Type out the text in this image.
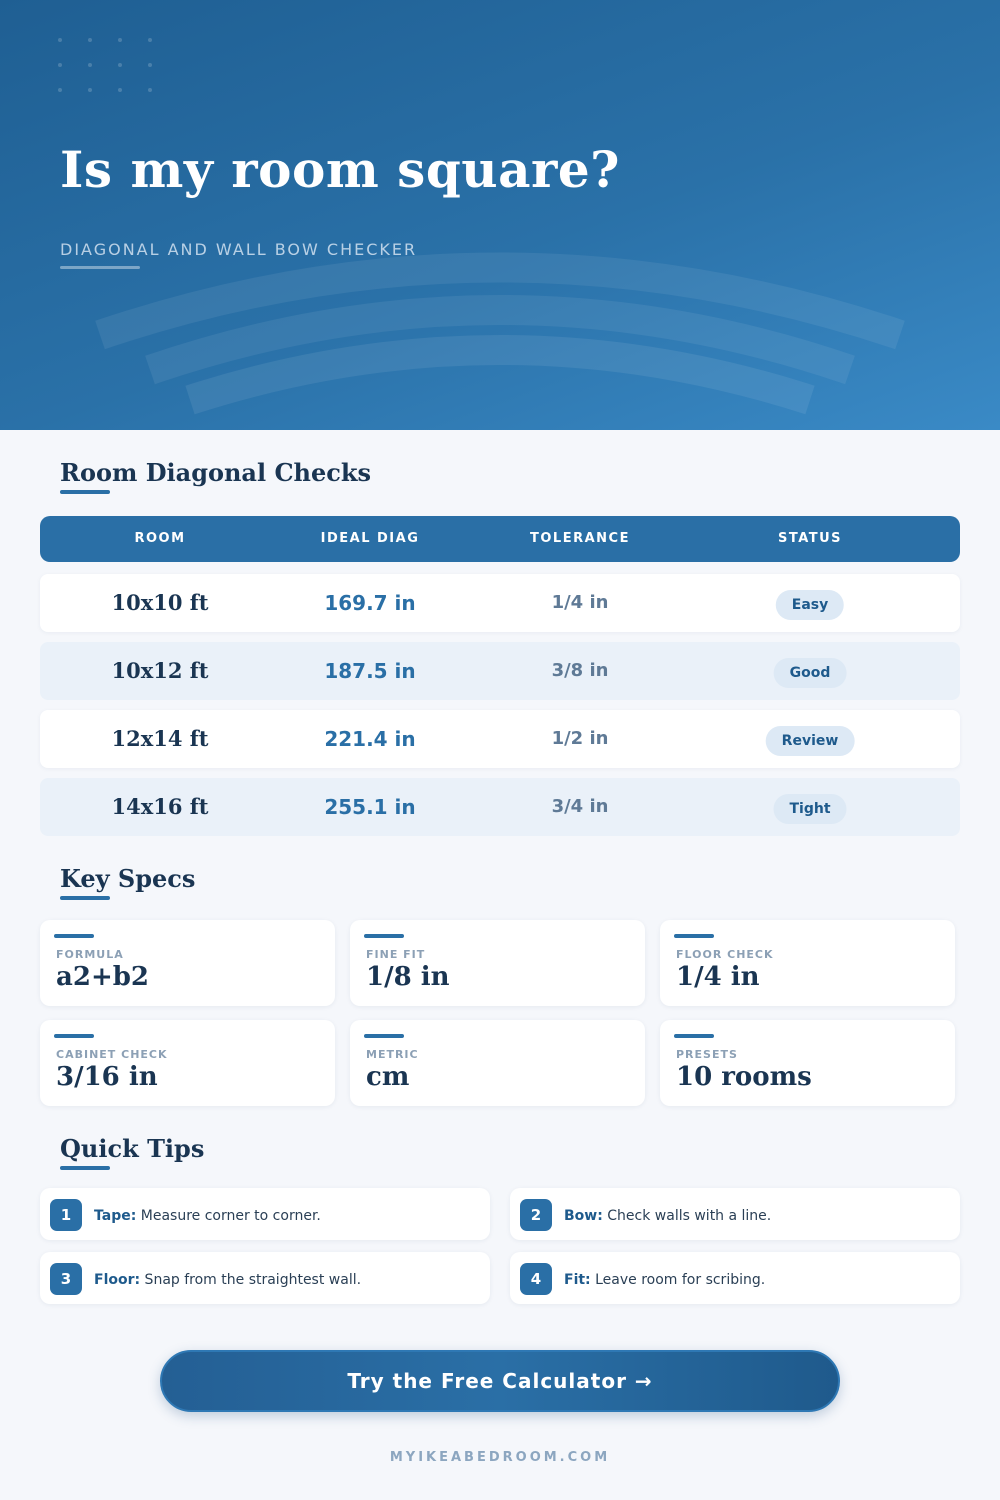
Is my room square?
DIAGONAL AND WALL BOW CHECKER
Room Diagonal Checks
ROOM	IDEAL DIAG	TOLERANCE	STATUS
10x10 ft	169.7 in	1/4 in	Easy
10x12 ft	187.5 in	3/8 in	Good
12x14 ft	221.4 in	1/2 in	Review
14x16 ft	255.1 in	3/4 in	Tight
Key Specs
FORMULA
a2+b2
FINE FIT
1/8 in
FLOOR CHECK
1/4 in
CABINET CHECK
3/16 in
METRIC
cm
PRESETS
10 rooms
Quick Tips
1	Tape: Measure corner to corner.	2	Bow: Check walls with a line.
3	Floor: Snap from the straightest wall.	4	Fit: Leave room for scribing.
Try the Free Calculator →
MYIKEABEDROOM.COM
